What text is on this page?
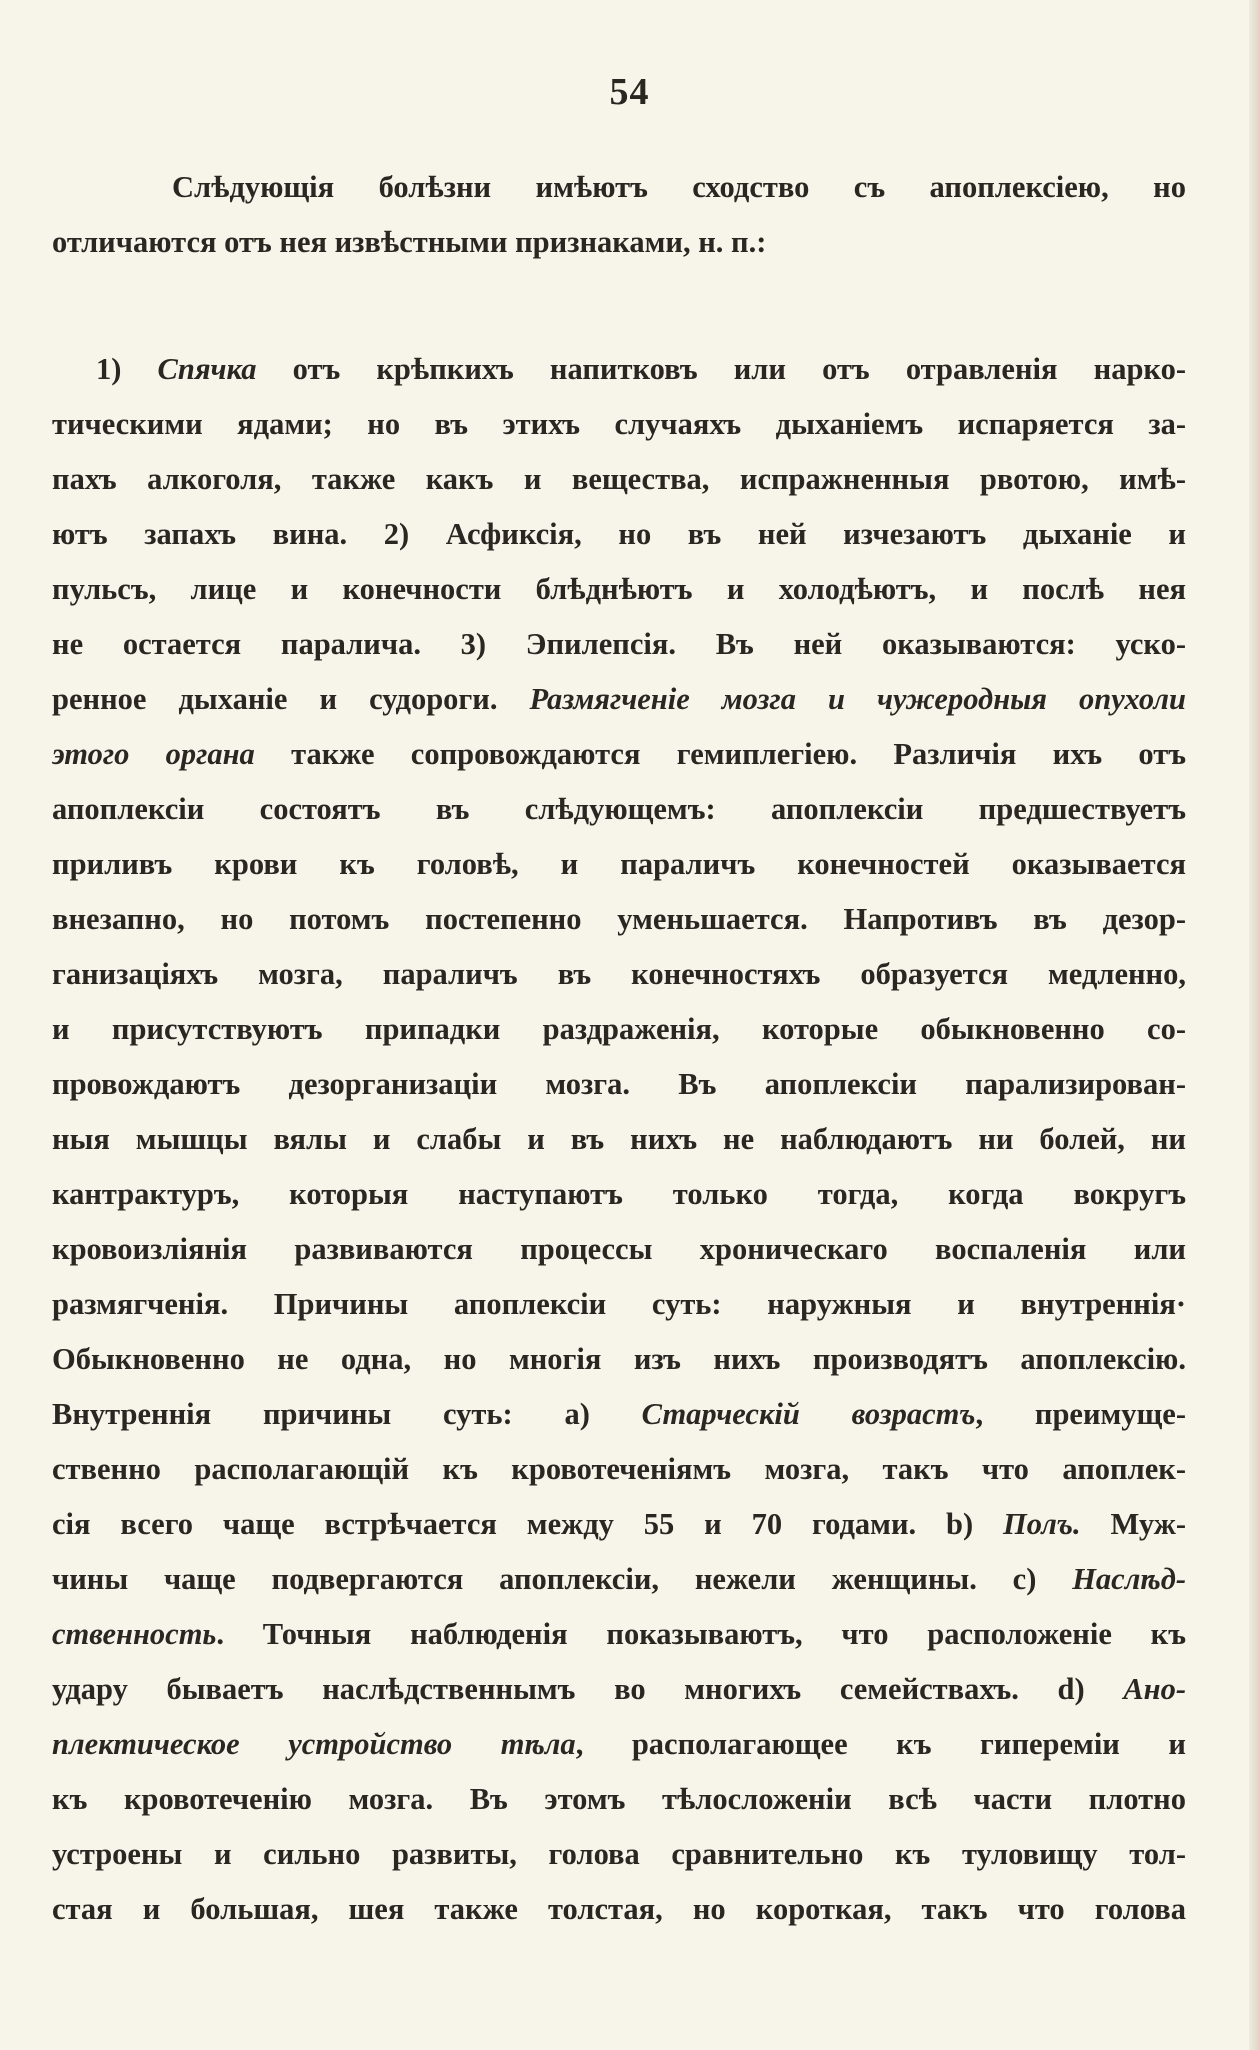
54
Слѣдующія болѣзни имѣютъ сходство съ апоплексіею, но
отличаются отъ нея извѣстными признаками, н. п.:
1) Спячка отъ крѣпкихъ напитковъ или отъ отравленія нарко-
тическими ядами; но въ этихъ случаяхъ дыханіемъ испаряется за-
пахъ алкоголя, также какъ и вещества, испражненныя рвотою, имѣ-
ютъ запахъ вина. 2) Асфиксія, но въ ней изчезаютъ дыханіе и
пульсъ, лице и конечности блѣднѣютъ и холодѣютъ, и послѣ нея
не остается паралича. 3) Эпилепсія. Въ ней оказываются: уско-
ренное дыханіе и судороги. Размягченіе мозга и чужеродныя опухоли
этого органа также сопровождаются гемиплегіею. Различія ихъ отъ
апоплексіи состоятъ въ слѣдующемъ: апоплексіи предшествуетъ
приливъ крови къ головѣ, и параличъ конечностей оказывается
внезапно, но потомъ постепенно уменьшается. Напротивъ въ дезор-
ганизаціяхъ мозга, параличъ въ конечностяхъ образуется медленно,
и присутствуютъ припадки раздраженія, которые обыкновенно со-
провождаютъ дезорганизаціи мозга. Въ апоплексіи парализирован-
ныя мышцы вялы и слабы и въ нихъ не наблюдаютъ ни болей, ни
кантрактуръ, которыя наступаютъ только тогда, когда вокругъ
кровоизліянія развиваются процессы хроническаго воспаленія или
размягченія. Причины апоплексіи суть: наружныя и внутреннія·
Обыкновенно не одна, но многія изъ нихъ производятъ апоплексію.
Внутреннія причины суть: a) Старческій возрастъ, преимуще-
ственно располагающій къ кровотеченіямъ мозга, такъ что апоплек-
сія всего чаще встрѣчается между 55 и 70 годами. b) Полъ. Муж-
чины чаще подвергаются апоплексіи, нежели женщины. c) Наслѣд-
ственность. Точныя наблюденія показываютъ, что расположеніе къ
удару бываетъ наслѣдственнымъ во многихъ семействахъ. d) Ано-
плектическое устройство тѣла, располагающее къ гипереміи и
къ кровотеченію мозга. Въ этомъ тѣлосложеніи всѣ части плотно
устроены и сильно развиты, голова сравнительно къ туловищу тол-
стая и большая, шея также толстая, но короткая, такъ что голова
